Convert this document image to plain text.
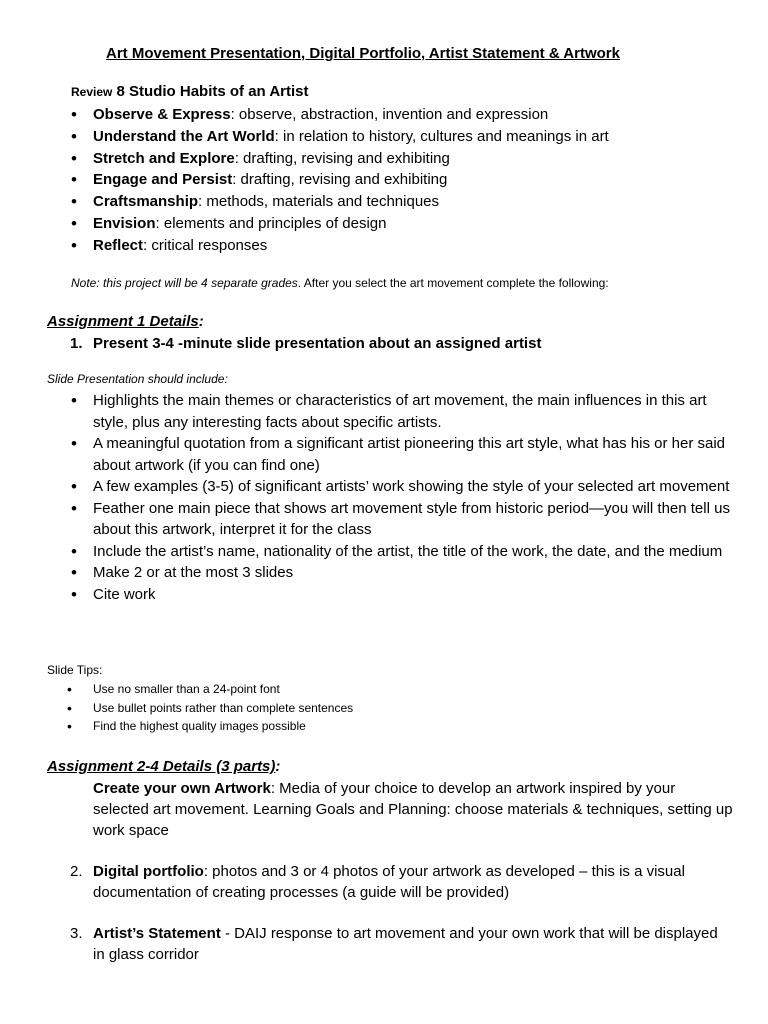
Art Movement Presentation, Digital Portfolio, Artist Statement & Artwork
Review 8 Studio Habits of an Artist
• Observe & Express: observe, abstraction, invention and expression
• Understand the Art World: in relation to history, cultures and meanings in art
• Stretch and Explore: drafting, revising and exhibiting
• Engage and Persist: drafting, revising and exhibiting
• Craftsmanship: methods, materials and techniques
• Envision: elements and principles of design
• Reflect: critical responses
Note: this project will be 4 separate grades. After you select the art movement complete the following:
Assignment 1 Details:
1. Present 3-4 -minute slide presentation about an assigned artist
Slide Presentation should include:
• Highlights the main themes or characteristics of art movement, the main influences in this art style, plus any interesting facts about specific artists.
• A meaningful quotation from a significant artist pioneering this art style, what has his or her said about artwork (if you can find one)
• A few examples (3-5) of significant artists’ work showing the style of your selected art movement
• Feather one main piece that shows art movement style from historic period—you will then tell us about this artwork, interpret it for the class
• Include the artist’s name, nationality of the artist, the title of the work, the date, and the medium
• Make 2 or at the most 3 slides
• Cite work
Slide Tips:
• Use no smaller than a 24-point font
• Use bullet points rather than complete sentences
• Find the highest quality images possible
Assignment 2-4 Details (3 parts):
Create your own Artwork: Media of your choice to develop an artwork inspired by your selected art movement. Learning Goals and Planning: choose materials & techniques, setting up work space
2. Digital portfolio: photos and 3 or 4 photos of your artwork as developed – this is a visual documentation of creating processes (a guide will be provided)
3. Artist’s Statement - DAIJ response to art movement and your own work that will be displayed in glass corridor
